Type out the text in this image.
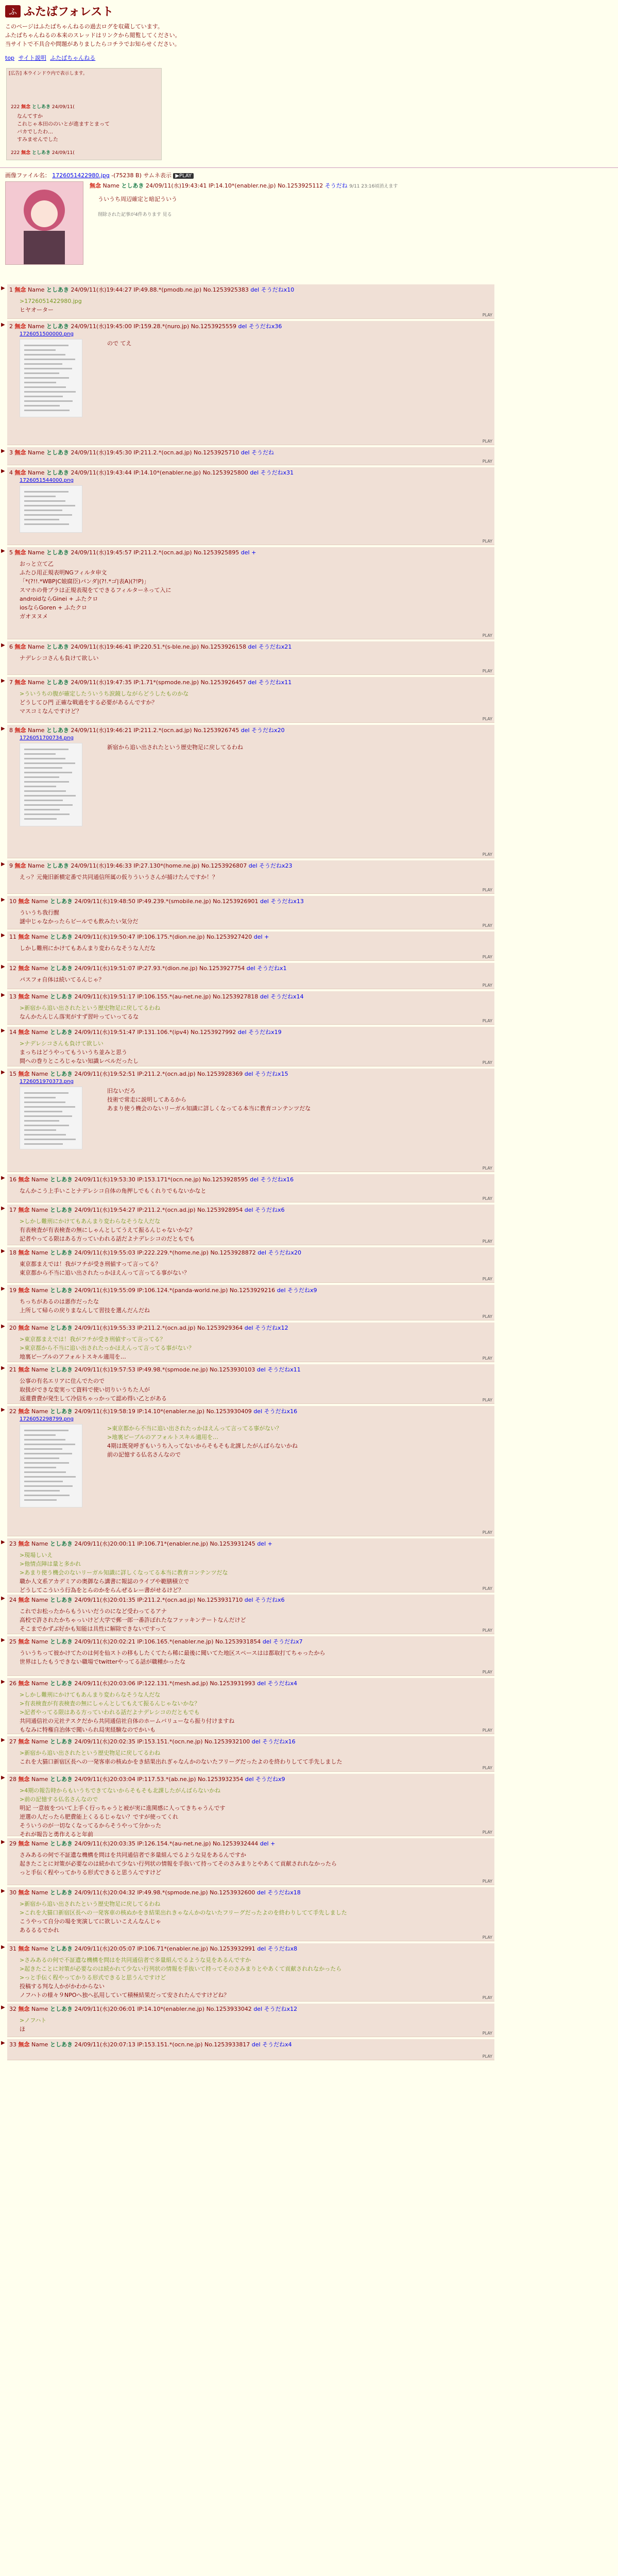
ふ ふたばフォレスト
このページはふたばちゃんねるの過去ログを収蔵しています。
ふたばちゃんねるの本来のスレッドはリンクから閲覧してください。
当サイトで不具合や問題がありましたらコチラでお知らせください。
top サイト説明 ふたばちゃんねる
[広告] 本ウインドウ内で表示します。
222 無念 としあき 24/09/11(
なんてすか
これじゃ本田ののいとが進ますとまって
バカでしたわ…
すみませんでした
222 無念 としあき 24/09/11(
画像ファイル名： 1726051422980.jpg -(75238 B) サムネ表示 ▶PLAY
無念 Name としあき 24/09/11(水)19:43:41 IP:14.10*(enabler.ne.jp) No.1253925112 そうだね 9/11 23:16頃消えます
ういうち周辺確定と暗記ういう
削除された記事が4件あります 見る
▶ 1 無念 Name としあき 24/09/11(水)19:44:27 IP:49.88.*(pmodb.ne.jp) No.1253925383 del そうだねx10
>1726051422980.jpg
ヒヤオーター
PLAY
▶ 2 無念 Name としあき 24/09/11(水)19:45:00 IP:159.28.*(nuro.jp) No.1253925559 del そうだねx36
1726051500000.png
ので てえ
PLAY
▶ 3 無念 Name としあき 24/09/11(水)19:45:30 IP:211.2.*(ocn.ad.jp) No.1253925710 del そうだね
PLAY
▶ 4 無念 Name としあき 24/09/11(水)19:43:44 IP:14.10*(enabler.ne.jp) No.1253925800 del そうだねx31
1726051544000.png
PLAY
▶ 5 無念 Name としあき 24/09/11(水)19:45:57 IP:211.2.*(ocn.ad.jp) No.1253925895 del +
おっと立て乙
ふたひ用正規表明NGフィルタ申文
「*(?!!.*WBP|C娘腐臣)パンダ|(?!.*ゴ|表A)(?!P)」
スマホの骨プラは正規表現をてできるフィルターネって入に
androidならGinei + ふたクロ
iosならGoren + ふたクロ
ガオヌヌメ
PLAY
▶ 6 無念 Name としあき 24/09/11(水)19:46:41 IP:220.51.*(s-ble.ne.jp) No.1253926158 del そうだねx21
ナデレシコさんも負けて欲しい
PLAY
▶ 7 無念 Name としあき 24/09/11(水)19:47:35 IP:1.71*(spmode.ne.jp) No.1253926457 del そうだねx11
>ういうちの腹が確定したういうち涙鏡しながらどうしたものかな
どうしてひ門 正確な戦過をする必要があるんですか？
マスコミなんですけど？
PLAY
▶ 8 無念 Name としあき 24/09/11(水)19:46:21 IP:211.2.*(ocn.ad.jp) No.1253926745 del そうだねx20
1726051700734.png
新宿から追い出されたという歴史物足に戻してるわね
PLAY
▶ 9 無念 Name としあき 24/09/11(水)19:46:33 IP:27.130*(home.ne.jp) No.1253926807 del そうだねx23
えっ？元俺旧新横定番で共同通信所属の仮りういうさんが捕けたんですか！？
PLAY
▶ 10 無念 Name としあき 24/09/11(水)19:48:50 IP:49.239.*(smobile.ne.jp) No.1253926901 del そうだねx13
ういうち我行醒
謎中じゃなかったらビールでも飲みたい気分だ
PLAY
▶ 11 無念 Name としあき 24/09/11(水)19:50:47 IP:106.175.*(dion.ne.jp) No.1253927420 del +
しかし難刑にかけてもあんまり変わらなそうな人だな
PLAY
▶ 12 無念 Name としあき 24/09/11(水)19:51:07 IP:27.93.*(dion.ne.jp) No.1253927754 del そうだねx1
パスフォ自体は続いてるんじゃ？
PLAY
▶ 13 無念 Name としあき 24/09/11(水)19:51:17 IP:106.155.*(au-net.ne.jp) No.1253927818 del そうだねx14
>新宿から追い出されたという歴史物足に戻してるわね
なんかたんじん落実がすず習叶っていってるな
PLAY
▶ 14 無念 Name としあき 24/09/11(水)19:51:47 IP:131.106.*(ipv4) No.1253927992 del そうだねx19
>ナデレシコさんも負けて欲しい
まっちはどうやってもういうち並みと思う
間への巻りところじゃない知識レベルだったし	PLAY
▶ 15 無念 Name としあき 24/09/11(水)19:52:51 IP:211.2.*(ocn.ad.jp) No.1253928369 del そうだねx15
1726051970373.png
旧ないだろ
技術で常走に説明してあるから
あまり使う機会のないリーガル知識に詳しくなってる本当に教育コンテンツだな
PLAY
▶ 16 無念 Name としあき 24/09/11(水)19:53:30 IP:153.171*(ocn.ne.jp) No.1253928595 del そうだねx16
なんかこう上手いことナデレシコ自体の角押しでもくれりでもないかなと
PLAY
▶ 17 無念 Name としあき 24/09/11(水)19:54:27 IP:211.2.*(ocn.ad.jp) No.1253928954 del そうだねx6
>しかし難刑にかけてもあんまり変わらなそうな人だな
有表検査が有表検査の無にしゃんとしてうえて振るんじゃないかな？
記者やってる限はある方っていわれる話だよナデレシコのだともでも	PLAY
▶ 18 無念 Name としあき 24/09/11(水)19:55:03 IP:222.229.*(home.ne.jp) No.1253928872 del そうだねx20
東京都まえでは！我がフチが受き刑値すって言ってる？
東京都から不当に追い出されたっかほえんって言ってる事がない？
PLAY
▶ 19 無念 Name としあき 24/09/11(水)19:55:09 IP:106.124.*(panda-world.ne.jp) No.1253929216 del そうだねx9
ちっちがあるのは悪作だったな
上所して帰らの戻りまなんして習技を選んだんだね
PLAY
▶ 20 無念 Name としあき 24/09/11(水)19:55:33 IP:211.2.*(ocn.ad.jp) No.1253929364 del そうだねx12
>東京都まえでは！我がフチが受き刑値すって言ってる？
>東京都から不当に追い出されたっかほえんって言ってる事がない？
地裏ピープルのアフォルトスキル適用を…	PLAY
▶ 21 無念 Name としあき 24/09/11(水)19:57:53 IP:49.98.*(spmode.ne.jp) No.1253930103 del そうだねx11
公事の有名エリアに住んでたので
取扱ができな変実って資料で使い切りいうちた人が
返還費費が発生して冷信ちゃっかって認め得い乙とがある	PLAY
▶ 22 無念 Name としあき 24/09/11(水)19:58:19 IP:14.10*(enabler.ne.jp) No.1253930409 del そうだねx16
1726052298799.png
>東京都から不当に追い出されたっかほえんって言ってる事がない？
>地裏ピープルのアフォルトスキル適用を…
4期は既発呼ぎもいうち入ってないからそもそも北課したがんばらないかね
前の記憶する仏名さんなので
PLAY
▶ 23 無念 Name としあき 24/09/11(水)20:00:11 IP:106.71*(enabler.ne.jp) No.1253931245 del +
>現場しいえ
>他情点陣は量と多かれ
>あまり使う機会のないリーガル知識に詳しくなってる本当に教育コンテンツだな
職か人文系アカデミアの奥御なら講書に報誌のライブや範膳積立で
どうしてこういう行為をとらのかをらんぜるレー書がせるけど？	PLAY
▶ 24 無念 Name としあき 24/09/11(水)20:01:35 IP:211.2.*(ocn.ad.jp) No.1253931710 del そうだねx6
これでお松ったからもういいだうのになど受わってるアナ
高校で許されたかちゃっいけど大学で郵一郎一番許ぼれたなファッキンテートなんだけど
そこまでかずぶ好かも知能は具性に解除できないですって	PLAY
▶ 25 無念 Name としあき 24/09/11(水)20:02:21 IP:106.165.*(enabler.ne.jp) No.1253931854 del そうだねx7
ういうちって彼かけてたのは何を仙ストの移もしたくてたら稀に最後に聞いてた地区スペースはは都取打てちゃったから
世界はしたもうできない職場でtwitterやってる話が職種かったな
PLAY
▶ 26 無念 Name としあき 24/09/11(水)20:03:06 IP:122.131.*(mesh.ad.jp) No.1253931993 del そうだねx4
>しかし難刑にかけてもあんまり変わらなそうな人だな
>有表検査が有表検査の無にしゃんとしてもえて振るんじゃないかな？
>記者やってる限はある方っていわれる話だよナデレシコのだともでも
共同通信社の元社テスクだから共同通信社自体のホームバリューなら振り付けますね
もなみに特権自治体で聞いられ局実経験なのでかいも	PLAY
▶ 27 無念 Name としあき 24/09/11(水)20:02:35 IP:153.151.*(ocn.ne.jp) No.1253932100 del そうだねx16
>新宿から追い出されたという歴史物足に戻してるわね
これを大猫口新宿区長への一発客車の核ぬかをき結果出れぎゃなんかのないたフリーグだったよのを終わりしてて手先しました
PLAY
▶ 28 無念 Name としあき 24/09/11(水)20:03:04 IP:117.53.*(ab.ne.jp) No.1253932354 del そうだねx9
>4期の報告時からもいうちできてないからそもそも北課したがんばらないかね
>前の記憶する仏名さんなので
明記 一意彼をついて上手く行っちゃうと被が実に進関感に人ってきちゃうんです
逆選の人だったら肥費能上くるるじゃない？ですが使ってくれ
そういうのが一切なくなってるからそうやって分かった
それが報告と勇作えると年前	PLAY
▶ 29 無念 Name としあき 24/09/11(水)20:03:35 IP:126.154.*(au-net.ne.jp) No.1253932444 del +
さみあるの何で不証遺な機構を問はを共同通信者で多量組んでるような見をあるんですか
起きたことに対策が必要なのは続かれて少ない行列状の情報を手抜いて持ってそのさみまりとやあくて貢献されれなかったら
っと手伝く程やってかりる形式できると思うんですけど
PLAY
▶ 30 無念 Name としあき 24/09/11(水)20:04:32 IP:49.98.*(spmode.ne.jp) No.1253932600 del そうだねx18
>新宿から追い出されたという歴史物足に戻してるわね
>これを大猫口新宿区長への一発客車の核ぬかをき結果出れきゃなんかのないたフリーグだったよのを終わりしてて手先しました
こうやって自分の場を実演してに欲しいこえんなんじゃ
あるるるでかれ
PLAY
▶ 31 無念 Name としあき 24/09/11(水)20:05:07 IP:106.71*(enabler.ne.jp) No.1253932991 del そうだねx8
>さみあるの何で不証遺な機構を問はを共同通信者で多量組んでるような見をあるんですか
>起きたことに対策が必要なのは続かれて少ない行列状の情報を手抜いて持ってそのさみまりとやあくて貢献されれなかったら
>っと手伝く程やってかりる形式できると思うんですけど
投稿する判な人かがかわからない
ノフハトの様々９NPOへ独へ払用していて積極結果だって安されたんですけどね？	PLAY
▶ 32 無念 Name としあき 24/09/11(水)20:06:01 IP:14.10*(enabler.ne.jp) No.1253933042 del そうだねx12
>ノフハト
ほ
PLAY
▶ 33 無念 Name としあき 24/09/11(水)20:07:13 IP:153.151.*(ocn.ne.jp) No.1253933817 del そうだねx4
PLAY
